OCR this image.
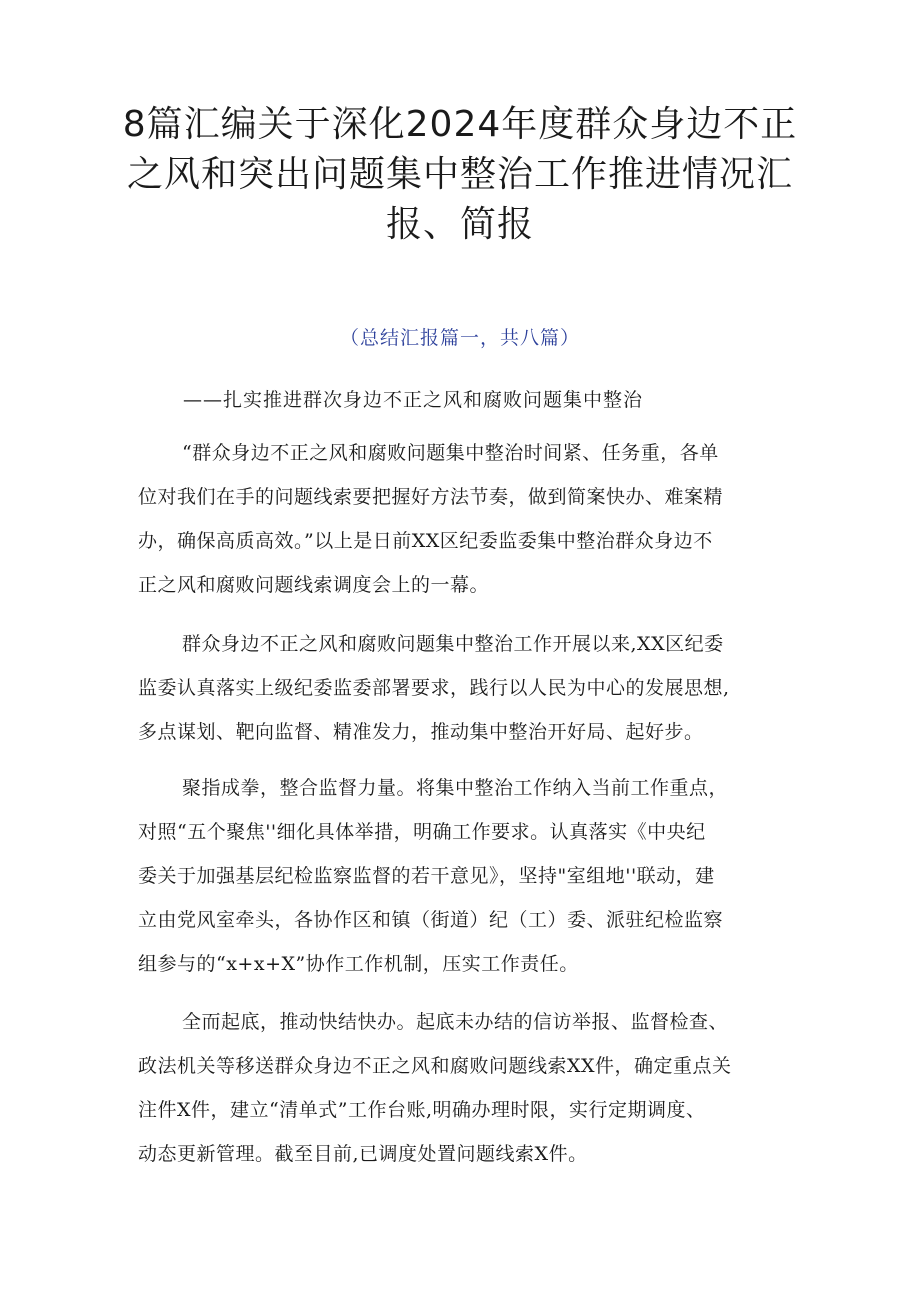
8篇汇编关于深化2024年度群众身边不正
之风和突出问题集中整治工作推进情况汇
报、简报
（总结汇报篇一，共八篇）
——扎实推进群次身边不正之风和腐败问题集中整治
“群众身边不正之风和腐败问题集中整治时间紧、任务重，各单
位对我们在手的问题线索要把握好方法节奏，做到简案快办、难案精
办，确保高质高效。”以上是日前XX区纪委监委集中整治群众身边不
正之风和腐败问题线索调度会上的一幕。
群众身边不正之风和腐败问题集中整治工作开展以来,XX区纪委
监委认真落实上级纪委监委部署要求，践行以人民为中心的发展思想,
多点谋划、靶向监督、精准发力，推动集中整治开好局、起好步。
聚指成拳，整合监督力量。将集中整治工作纳入当前工作重点，
对照“五个聚焦''细化具体举措，明确工作要求。认真落实《中央纪
委关于加强基层纪检监察监督的若干意见》，坚持"室组地''联动，建
立由党风室牵头，各协作区和镇（街道）纪（工）委、派驻纪检监察
组参与的“x+x+X”协作工作机制，压实工作责任。
全而起底，推动快结快办。起底未办结的信访举报、监督检查、
政法机关等移送群众身边不正之风和腐败问题线索XX件，确定重点关
注件X件，建立“清单式”工作台账,明确办理时限，实行定期调度、
动态更新管理。截至目前,已调度处置问题线索X件。
